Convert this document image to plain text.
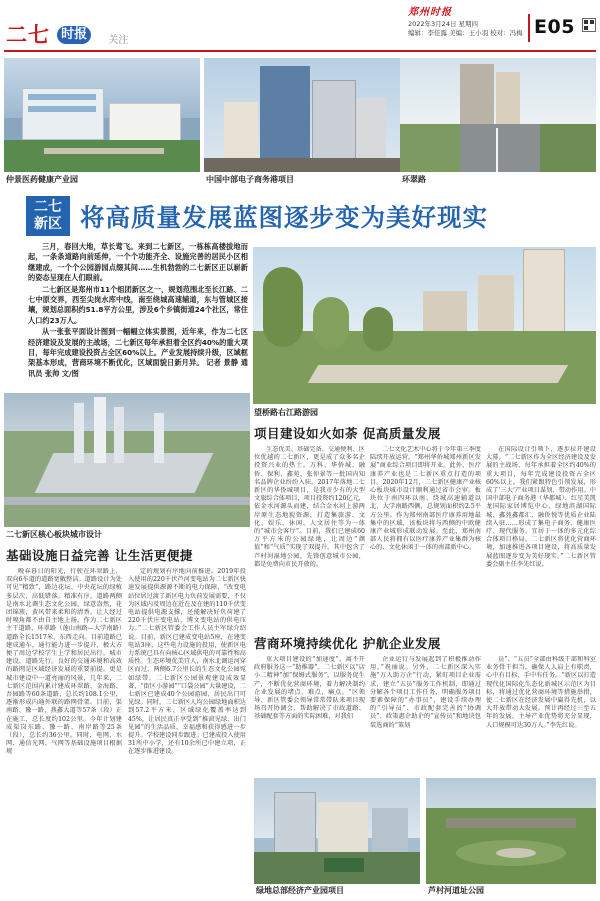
二七 时报 关注
郑州时报
2022年3月24日 星期四
编辑：李佳露 美编：王小羽 校对：冯梅 E05
仲景医药健康产业园	中国中部电子商务港项目	环翠路
二七
新区 将高质量发展蓝图逐步变为美好现实

三月，春回大地，草长莺飞。来到二七新区，一栋栋高楼拔地而起，一条条道路向前延伸，一个个功能齐全、设施完善的居民小区相继建成，一个个公园游园点缀其间……生机勃勃的二七新区正以崭新的姿态呈现在人们眼前。

二七新区是郑州市11个组团新区之一，规划范围北至长江路、二七中原交界，西至尖岗水库中线，南至绕城高速辅道，东与管城区接壤，规划总面积约51.8平方公里，涉及6个乡镇街道24个社区，常住人口约23万人。

从一张张平面设计图到一幅幅立体实景图，近年来，作为二七区经济建设及发展的主战场，二七新区每年承担着全区约40%的重大项目，每年完成建设投资占全区60%以上。产业发展持续升级，区域框架基本形成，营商环境不断优化，区域面貌日新月异。 记者 景静 通讯员 张帅 文/图

望桥路右江路游园
二七新区核心板块城市设计
项目建设如火如荼 促高质量发展
生态优美、基础完备、交通便利、区位优越的二七新区，更是成了众多名企投资兴业的热土。万科、华侨城、融侨、保利、鑫苑、张仲景等一批国内知名品牌企业纷纷入驻。2017年落地二七新区的华侨城项目，是我市少有的大型文旅综合体项目，项目投资约120亿元，依金水河源头而建，结合金水河上游两岸原生态地貌资源，打造集旅游、文化、娱乐、休闲、人文居住等为一体的“城市会客厅”。目前，我们已建成60万平方米的公园绿地，让周边“颜值”和“气质”实现了双提升。其中包含了芦村河湿地公园，先锋创意城市公园，都是免费向市民开放的。
二七文化艺术中心将于今年第三季度陆续开放运营，“郑州华侨城郑州新区发展”商业综合项目即将开业。此外，医疗康养产业也是二七新区重点打造的项目。2020年12月，二七新区健康产业核心板块城市设计顺利通过省市会审。板块位于南四环以南、绕城高速辅道以北、大学南路西侧，总规划面积约2.5平方公里。作为郑州南部医疗康养用地最集中的区域，该板块将与西侧的中欧健康产业城形成联动发展。至此，郑州南部人民将拥有以医疗康养产业集群为核心的、文化休闲于一体的南部新中心。
在国际设计引领下，逐步拉开建设大幕。“二七新区作为全区经济建设及发展的主战场，每年承担着全区约40%的重大项目，每年完成建设投资占全区60%以上。我们紧跟特色引领发展，形成了‘三大’产业项目谋划、带动作用。中国中部电子商务港（华都城）、红星美凯龙国际家居博览中心、绿地滨湖国际城、鑫苑鑫都汇、融侨悦等优质企业陆续入驻……形成了集电子商务、健康医疗、现代服务、宜居于一体的多元化综合体项目格局。二七新区将优化营商环境，加速推进各项目建设，将高质量发展蓝图逐步变为美好现实。”二七新区管委会副主任李先红说。
基础设施日益完善 让生活更便捷
晚春暮日的阳光，行驶在环翠路上，双向6车道的道路宽敞整洁。道路设计为处可见“精致”，路边花坛、中央花坛的绿植多层次、高低错落。精准有序，道路两侧是南水北调生态文化公园，绿意盎然，花团锦簇，黄风带来柔和的清香，让人经过时嗅角都不由自主地上扬。作为二七新区主干道路，环翠路（莲山南路—大学南路）道路全长1517米，东西走向。目前道路已建成通车，通行能力进一步提升，极大方便了周边学校学生上学和居民出行。城市建设，道路先行。良好的交通环境和高效的路网是区域经济发展的重要前提。更是城市建设中一道亮丽的风景，几年来，二七新区范围内累计建成环翠路、金海路、吾园路等60条道路，总长约108.1公里，逐渐形成内通外联的路网骨架。目前，渠南路、豫一路、燕鑫大道等57条（段）正在施工，总长度约102公里。今年计划建成渠岗东路、豫一路、南岸路等25条（段），总长约36公里。同时，电网、水网、通信光网、气网等基础设施项目根据规
定的规划有序地向前推进。2019年投入使用的220千伏芦河变电站为二七新区快速发展提供源源不断的电力保障，“改变电站位居过渡了新区电力负荷发展需要，不仅为区域内及周边在近在及在建的110千伏变电站提供电源支撑，还能解决好负荷建了220千伏庄变电站，博文变电站的供电压力。”二七新区管委会工作人员主军绿介绍说。目前，新区已建成变电站5座，在建变电站3座，这些电力设施的投用，使新区电力系统已具有向核心区域供电的可靠性和高质性。生态环境优美宜人，南水北调运河穿区而过，两侧6.7公里长的生态文化公园宛如绿带。二七新区公园景观建设成效显著，“街区小游园”“口袋公园”大量建设，二七新区已建成40个公园游园，居民出门可见绿。同时，二七新区人均公园绿地面积达到57.2平方米，区域绿化覆盖率达到45%，让居民真正享受到“推窗见绿、出门见园”的生活品质，幸福感和获得感进一步提升。学校建设同步跟进。已建成投入使用31所中小学，还有10余所已中建立项，正在逐步推进建设。
营商环境持续优化 护航企业发展
重大项目建设的“加速度”，离不开政府服务这一“助推器”。二七新区以“店小二精神”加“保姆式服务”，以服务促生产，不断优化营商环境，着力解决制约企业发展的堵点、难点、痛点。“区领导、新区管委会领导常常带队来项目现场召开协调会，帮助解决了市政道路、基础配套等方面的实际困难，对我们
企业运行与发展起到了积极推动作用。”祝丽说。另外，二七新区深入实施“万人助万企”行动，紧盯项目企业需求，建立“五员”服务工作机制，即通过分解各个项目工作任务，明确服务项目要素保障的“办事员”、建设手续办理的“引导员”、市政配套完善的“协调员”、政策惠企助企的“宣传员”和地块包装选商的“策划
员”、“五员”全部由科级干部和科室业务骨干担当，确保人人肩上有职责，心中有目标、手中有任务。“新区以打造现代化国际化生态化新城区示范区为目标，将通过优化营商环境等措施举措，使二七新区在经济发展中赢得先机，以大开放带动大发展。预计再经过三至五年的发展，主导产业优势将充分显现，人口规模可达30万人。”李先红说。
绿地总部经济产业园项目	芦村河道址公园
